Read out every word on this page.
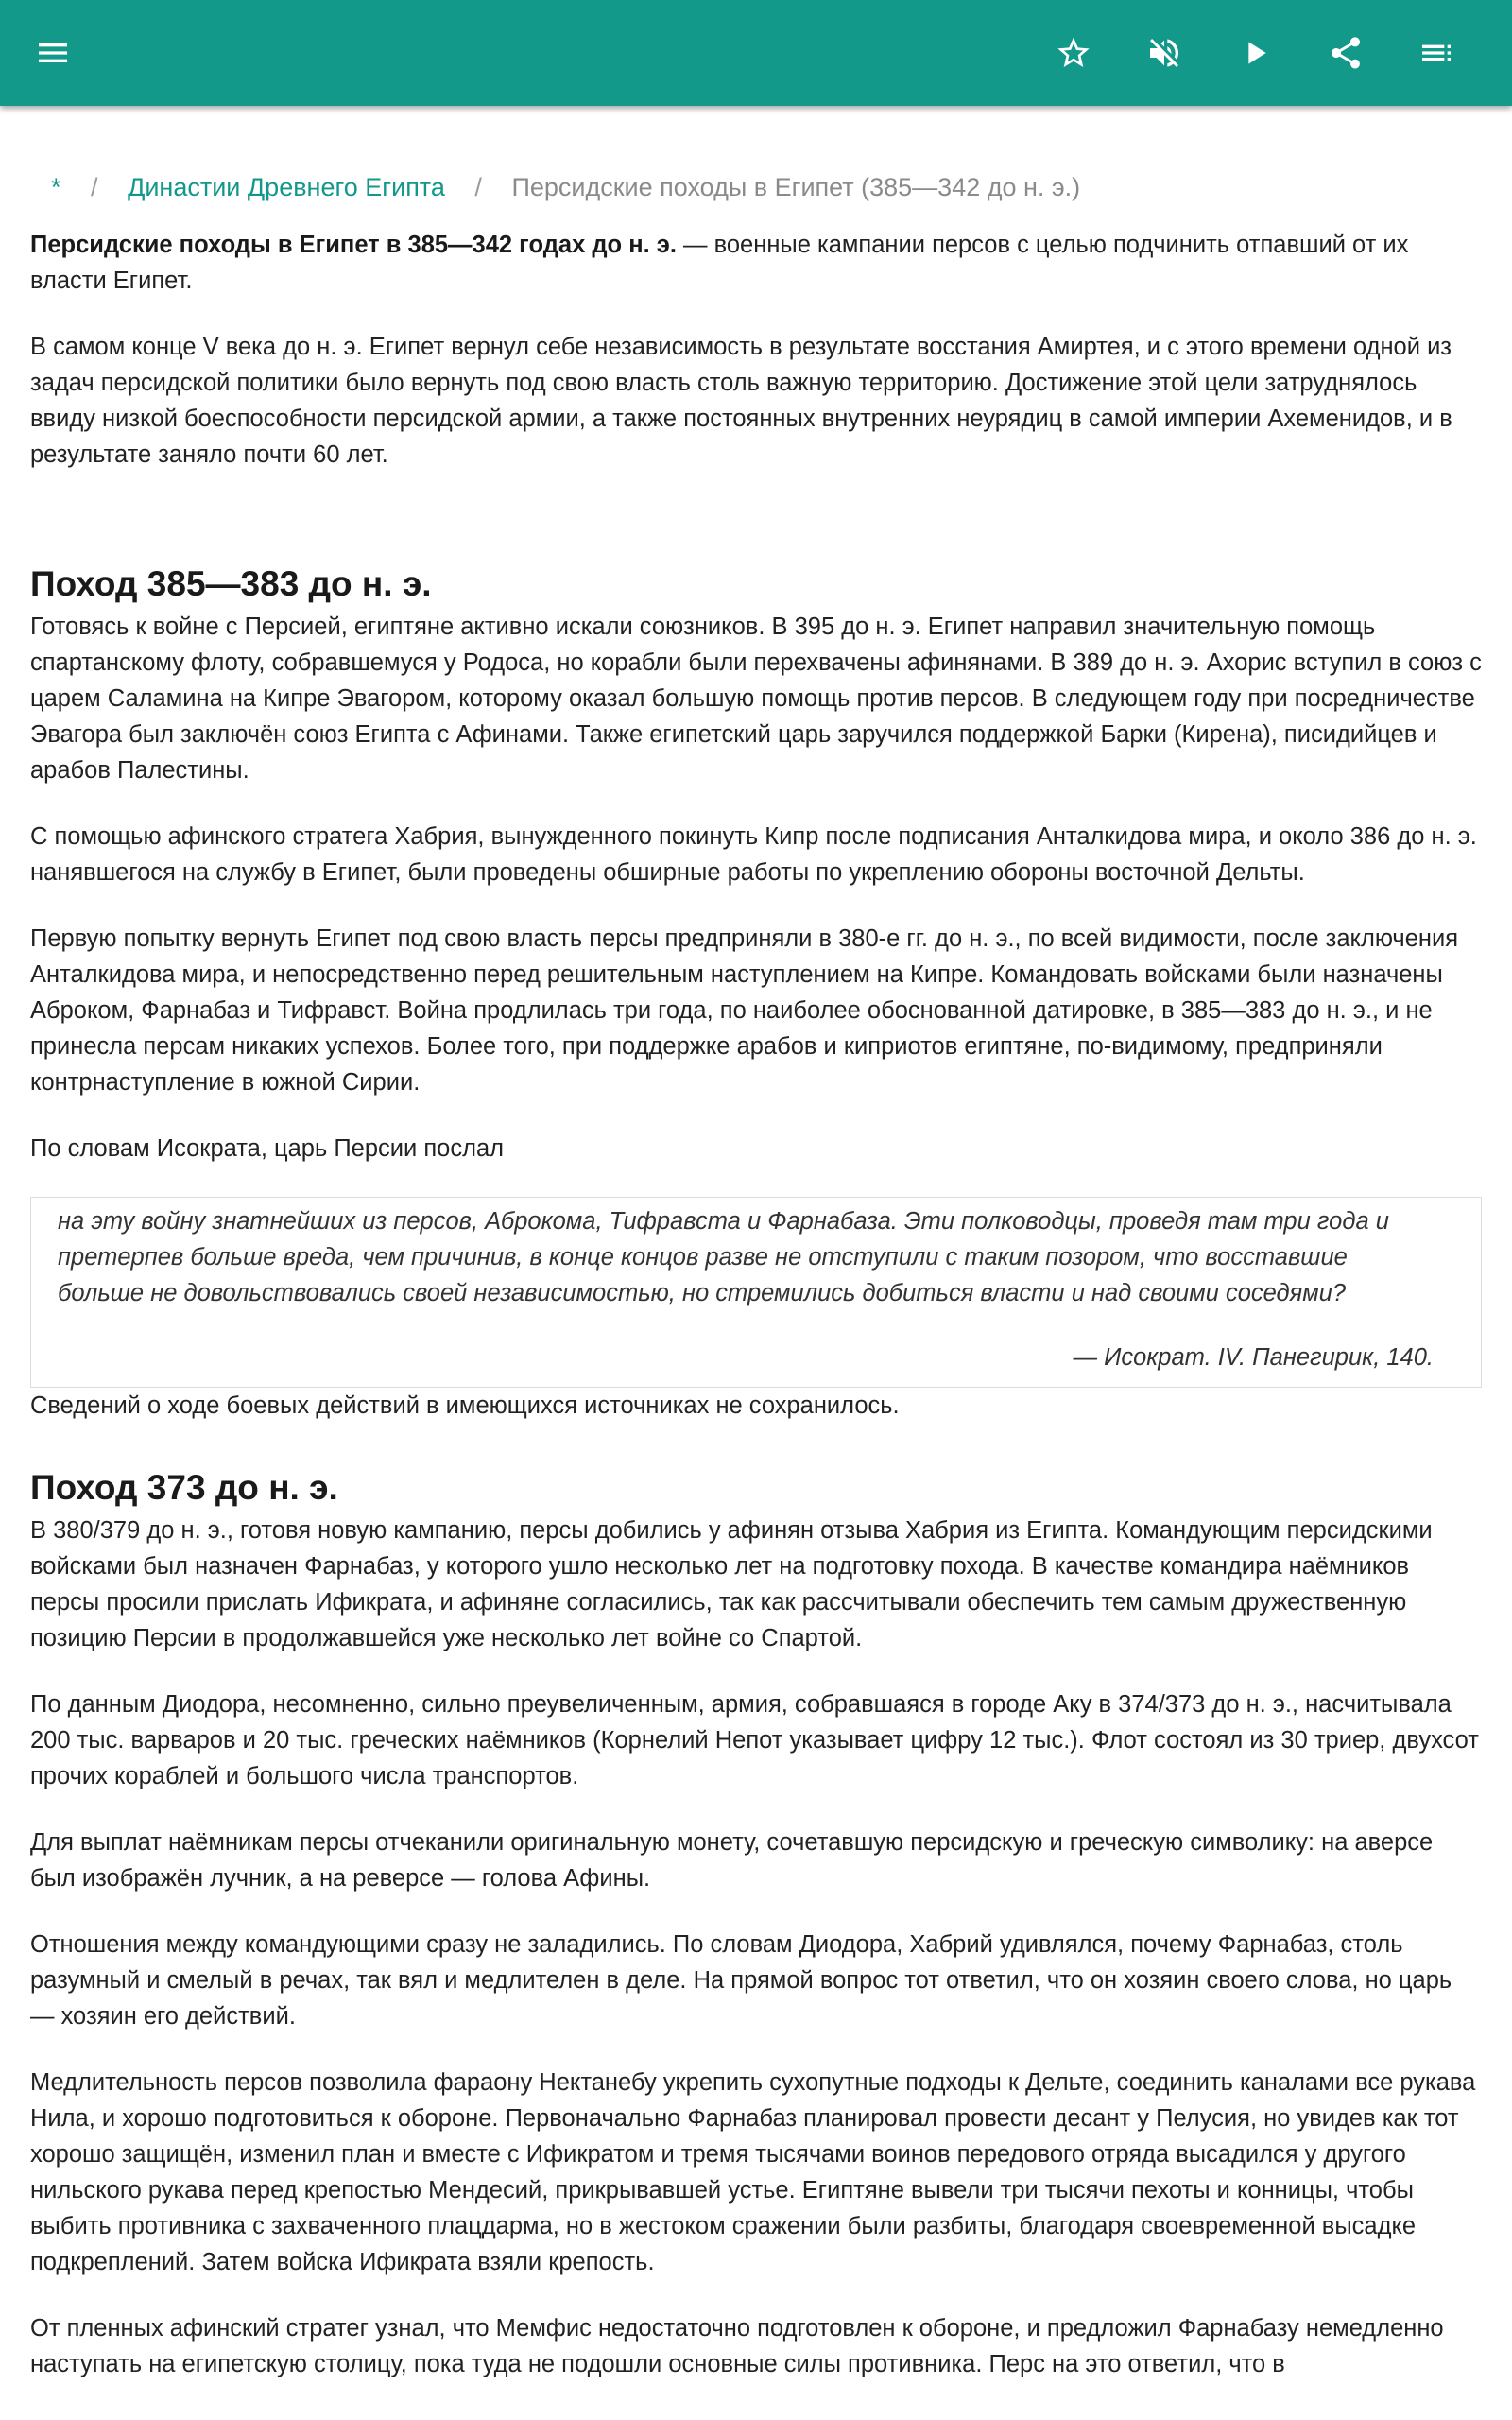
* / Династии Древнего Египта / Персидские походы в Египет (385—342 до н. э.)

Персидские походы в Египет в 385—342 годах до н. э. — военные кампании персов с целью подчинить отпавший от их власти Египет.

В самом конце V века до н. э. Египет вернул себе независимость в результате восстания Амиртея, и с этого времени одной из задач персидской политики было вернуть под свою власть столь важную территорию. Достижение этой цели затруднялось ввиду низкой боеспособности персидской армии, а также постоянных внутренних неурядиц в самой империи Ахеменидов, и в результате заняло почти 60 лет.

Поход 385—383 до н. э.

Готовясь к войне с Персией, египтяне активно искали союзников. В 395 до н. э. Египет направил значительную помощь спартанскому флоту, собравшемуся у Родоса, но корабли были перехвачены афинянами. В 389 до н. э. Ахорис вступил в союз с царем Саламина на Кипре Эвагором, которому оказал большую помощь против персов. В следующем году при посредничестве Эвагора был заключён союз Египта с Афинами. Также египетский царь заручился поддержкой Барки (Кирена), писидийцев и арабов Палестины.

С помощью афинского стратега Хабрия, вынужденного покинуть Кипр после подписания Анталкидова мира, и около 386 до н. э. нанявшегося на службу в Египет, были проведены обширные работы по укреплению обороны восточной Дельты.

Первую попытку вернуть Египет под свою власть персы предприняли в 380-е гг. до н. э., по всей видимости, после заключения Анталкидова мира, и непосредственно перед решительным наступлением на Кипре. Командовать войсками были назначены Аброком, Фарнабаз и Тифравст. Война продлилась три года, по наиболее обоснованной датировке, в 385—383 до н. э., и не принесла персам никаких успехов. Более того, при поддержке арабов и киприотов египтяне, по-видимому, предприняли контрнаступление в южной Сирии.

По словам Исократа, царь Персии послал

на эту войну знатнейших из персов, Аброкома, Тифравста и Фарнабаза. Эти полководцы, проведя там три года и претерпев больше вреда, чем причинив, в конце концов разве не отступили с таким позором, что восставшие больше не довольствовались своей независимостью, но стремились добиться власти и над своими соседями?
— Исократ. IV. Панегирик, 140.

Сведений о ходе боевых действий в имеющихся источниках не сохранилось.

Поход 373 до н. э.

В 380/379 до н. э., готовя новую кампанию, персы добились у афинян отзыва Хабрия из Египта. Командующим персидскими войсками был назначен Фарнабаз, у которого ушло несколько лет на подготовку похода. В качестве командира наёмников персы просили прислать Ификрата, и афиняне согласились, так как рассчитывали обеспечить тем самым дружественную позицию Персии в продолжавшейся уже несколько лет войне со Спартой.

По данным Диодора, несомненно, сильно преувеличенным, армия, собравшаяся в городе Аку в 374/373 до н. э., насчитывала 200 тыс. варваров и 20 тыс. греческих наёмников (Корнелий Непот указывает цифру 12 тыс.). Флот состоял из 30 триер, двухсот прочих кораблей и большого числа транспортов.

Для выплат наёмникам персы отчеканили оригинальную монету, сочетавшую персидскую и греческую символику: на аверсе был изображён лучник, а на реверсе — голова Афины.

Отношения между командующими сразу не заладились. По словам Диодора, Хабрий удивлялся, почему Фарнабаз, столь разумный и смелый в речах, так вял и медлителен в деле. На прямой вопрос тот ответил, что он хозяин своего слова, но царь — хозяин его действий.

Медлительность персов позволила фараону Нектанебу укрепить сухопутные подходы к Дельте, соединить каналами все рукава Нила, и хорошо подготовиться к обороне. Первоначально Фарнабаз планировал провести десант у Пелусия, но увидев как тот хорошо защищён, изменил план и вместе с Ификратом и тремя тысячами воинов передового отряда высадился у другого нильского рукава перед крепостью Мендесий, прикрывавшей устье. Египтяне вывели три тысячи пехоты и конницы, чтобы выбить противника с захваченного плацдарма, но в жестоком сражении были разбиты, благодаря своевременной высадке подкреплений. Затем войска Ификрата взяли крепость.

От пленных афинский стратег узнал, что Мемфис недостаточно подготовлен к обороне, и предложил Фарнабазу немедленно наступать на египетскую столицу, пока туда не подошли основные силы противника. Перс на это ответил, что в
